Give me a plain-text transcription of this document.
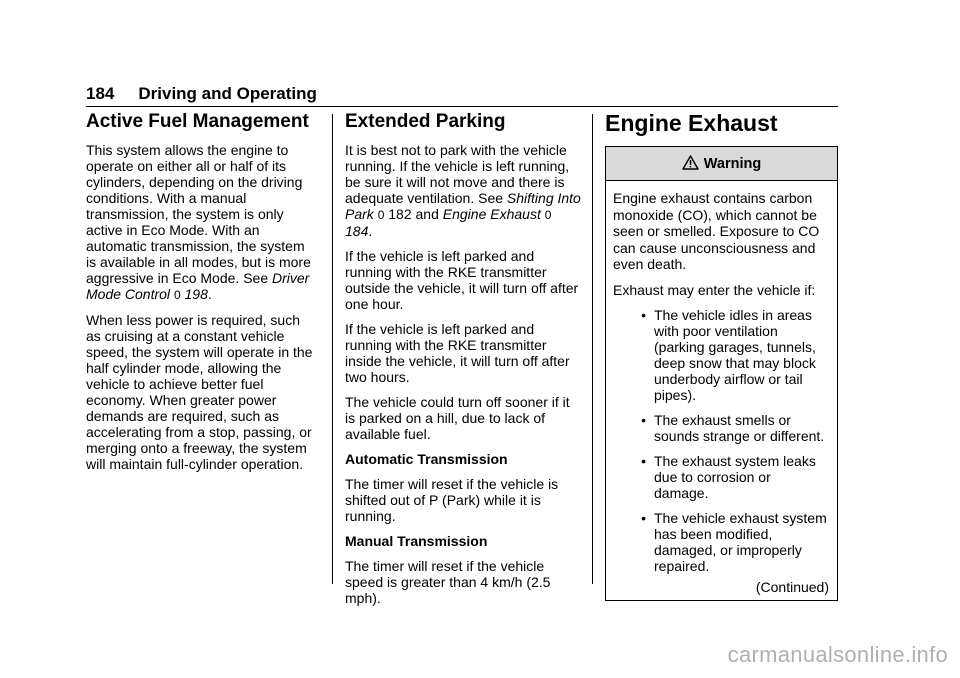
184 Driving and Operating
Active Fuel Management

This system allows the engine to operate on either all or half of its cylinders, depending on the driving conditions. With a manual transmission, the system is only active in Eco Mode. With an automatic transmission, the system is available in all modes, but is more aggressive in Eco Mode. See Driver Mode Control 0 198.

When less power is required, such as cruising at a constant vehicle speed, the system will operate in the half cylinder mode, allowing the vehicle to achieve better fuel economy. When greater power demands are required, such as accelerating from a stop, passing, or merging onto a freeway, the system will maintain full-cylinder operation.

Extended Parking

It is best not to park with the vehicle running. If the vehicle is left running, be sure it will not move and there is adequate ventilation. See Shifting Into Park 0 182 and Engine Exhaust 0 184.

If the vehicle is left parked and running with the RKE transmitter outside the vehicle, it will turn off after one hour.

If the vehicle is left parked and running with the RKE transmitter inside the vehicle, it will turn off after two hours.

The vehicle could turn off sooner if it is parked on a hill, due to lack of available fuel.

Automatic Transmission

The timer will reset if the vehicle is shifted out of P (Park) while it is running.

Manual Transmission

The timer will reset if the vehicle speed is greater than 4 km/h (2.5 mph).

Engine Exhaust
Warning

Engine exhaust contains carbon monoxide (CO), which cannot be seen or smelled. Exposure to CO can cause unconsciousness and even death.

Exhaust may enter the vehicle if:

• The vehicle idles in areas with poor ventilation (parking garages, tunnels, deep snow that may block underbody airflow or tail pipes).
• The exhaust smells or sounds strange or different.
• The exhaust system leaks due to corrosion or damage.
• The vehicle exhaust system has been modified, damaged, or improperly repaired.
(Continued)
carmanualsonline.info
